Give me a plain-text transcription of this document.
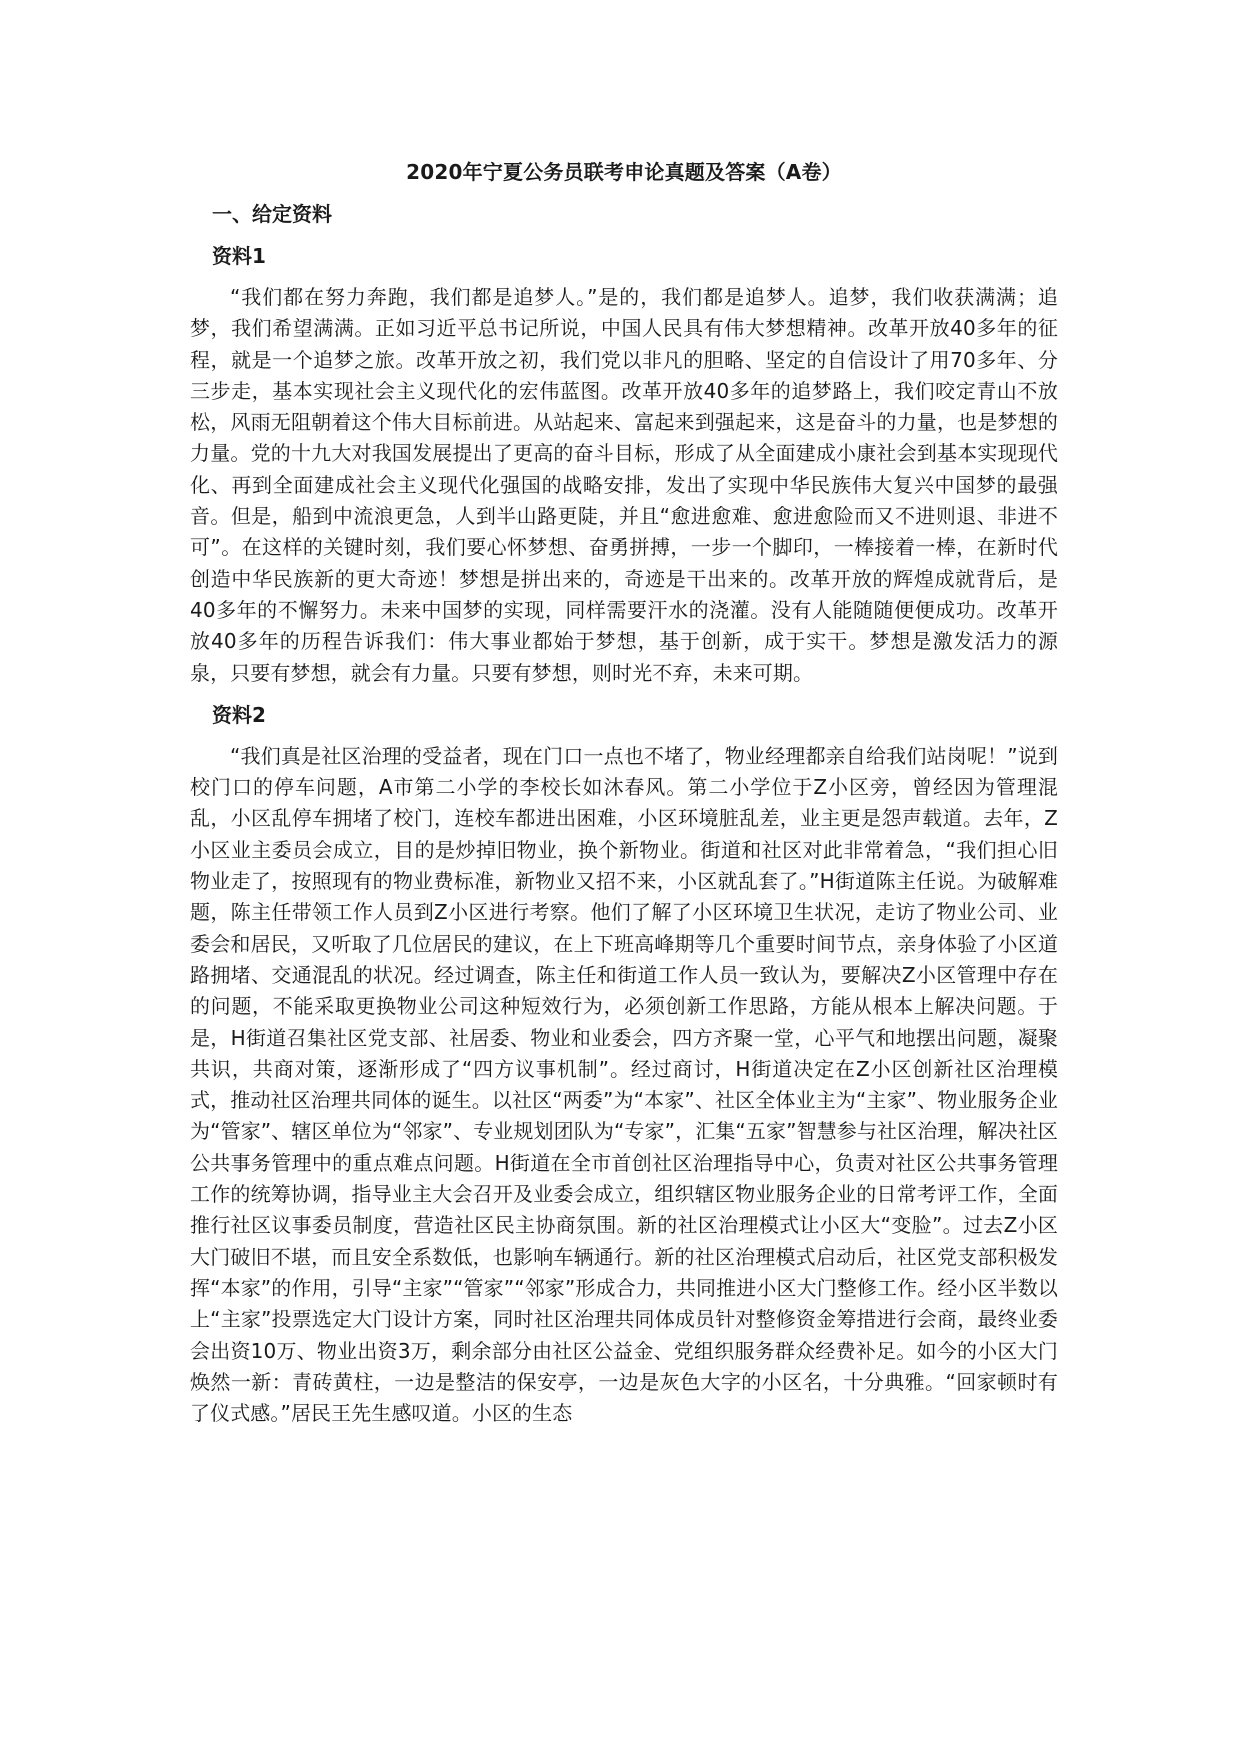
2020年宁夏公务员联考申论真题及答案（A卷）
一、给定资料
资料1

“我们都在努力奔跑，我们都是追梦人。”是的，我们都是追梦人。追梦，我们收获满满；追梦，我们希望满满。正如习近平总书记所说，中国人民具有伟大梦想精神。改革开放40多年的征程，就是一个追梦之旅。改革开放之初，我们党以非凡的胆略、坚定的自信设计了用70多年、分三步走，基本实现社会主义现代化的宏伟蓝图。改革开放40多年的追梦路上，我们咬定青山不放松，风雨无阻朝着这个伟大目标前进。从站起来、富起来到强起来，这是奋斗的力量，也是梦想的力量。党的十九大对我国发展提出了更高的奋斗目标，形成了从全面建成小康社会到基本实现现代化、再到全面建成社会主义现代化强国的战略安排，发出了实现中华民族伟大复兴中国梦的最强音。但是，船到中流浪更急，人到半山路更陡，并且“愈进愈难、愈进愈险而又不进则退、非进不可”。在这样的关键时刻，我们要心怀梦想、奋勇拼搏，一步一个脚印，一棒接着一棒，在新时代创造中华民族新的更大奇迹！梦想是拼出来的，奇迹是干出来的。改革开放的辉煌成就背后，是40多年的不懈努力。未来中国梦的实现，同样需要汗水的浇灌。没有人能随随便便成功。改革开放40多年的历程告诉我们：伟大事业都始于梦想，基于创新，成于实干。梦想是激发活力的源泉，只要有梦想，就会有力量。只要有梦想，则时光不弃，未来可期。

资料2

“我们真是社区治理的受益者，现在门口一点也不堵了，物业经理都亲自给我们站岗呢！”说到校门口的停车问题，A市第二小学的李校长如沐春风。第二小学位于Z小区旁，曾经因为管理混乱，小区乱停车拥堵了校门，连校车都进出困难，小区环境脏乱差，业主更是怨声载道。去年，Z小区业主委员会成立，目的是炒掉旧物业，换个新物业。街道和社区对此非常着急，“我们担心旧物业走了，按照现有的物业费标准，新物业又招不来，小区就乱套了。”H街道陈主任说。为破解难题，陈主任带领工作人员到Z小区进行考察。他们了解了小区环境卫生状况，走访了物业公司、业委会和居民，又听取了几位居民的建议，在上下班高峰期等几个重要时间节点，亲身体验了小区道路拥堵、交通混乱的状况。经过调查，陈主任和街道工作人员一致认为，要解决Z小区管理中存在的问题，不能采取更换物业公司这种短效行为，必须创新工作思路，方能从根本上解决问题。于是，H街道召集社区党支部、社居委、物业和业委会，四方齐聚一堂，心平气和地摆出问题，凝聚共识，共商对策，逐渐形成了“四方议事机制”。经过商讨，H街道决定在Z小区创新社区治理模式，推动社区治理共同体的诞生。以社区“两委”为“本家”、社区全体业主为“主家”、物业服务企业为“管家”、辖区单位为“邻家”、专业规划团队为“专家”，汇集“五家”智慧参与社区治理，解决社区公共事务管理中的重点难点问题。H街道在全市首创社区治理指导中心，负责对社区公共事务管理工作的统筹协调，指导业主大会召开及业委会成立，组织辖区物业服务企业的日常考评工作，全面推行社区议事委员制度，营造社区民主协商氛围。新的社区治理模式让小区大“变脸”。过去Z小区大门破旧不堪，而且安全系数低，也影响车辆通行。新的社区治理模式启动后，社区党支部积极发挥“本家”的作用，引导“主家”“管家”“邻家”形成合力，共同推进小区大门整修工作。经小区半数以上“主家”投票选定大门设计方案，同时社区治理共同体成员针对整修资金筹措进行会商，最终业委会出资10万、物业出资3万，剩余部分由社区公益金、党组织服务群众经费补足。如今的小区大门焕然一新：青砖黄柱，一边是整洁的保安亭，一边是灰色大字的小区名，十分典雅。“回家顿时有了仪式感。”居民王先生感叹道。小区的生态
